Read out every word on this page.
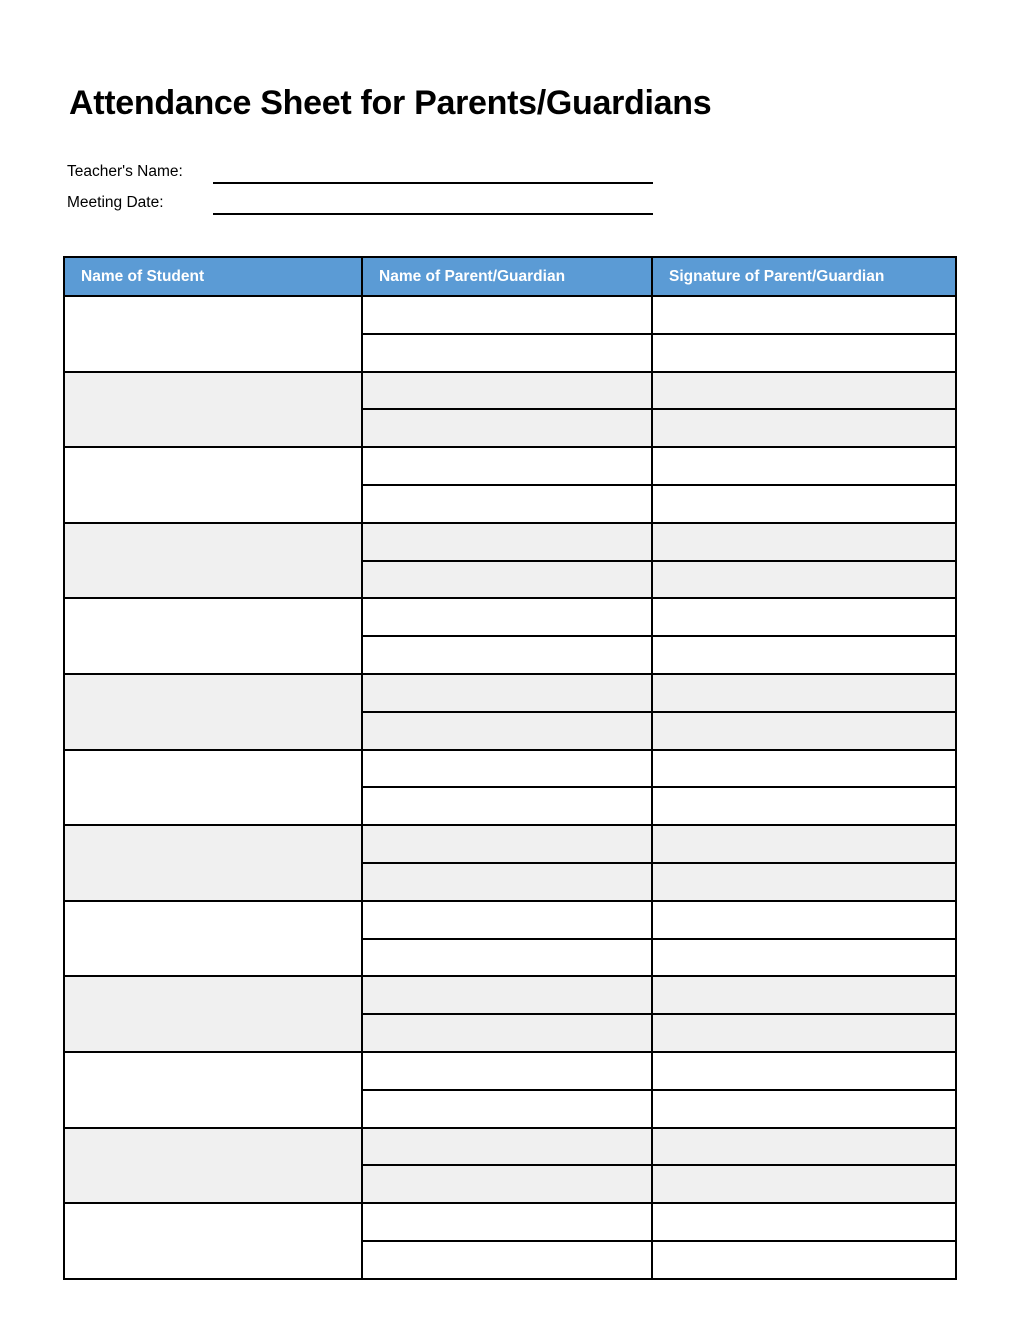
Attendance Sheet for Parents/Guardians
Teacher's Name:
Meeting Date:
Name of Student	Name of Parent/Guardian	Signature of Parent/Guardian
